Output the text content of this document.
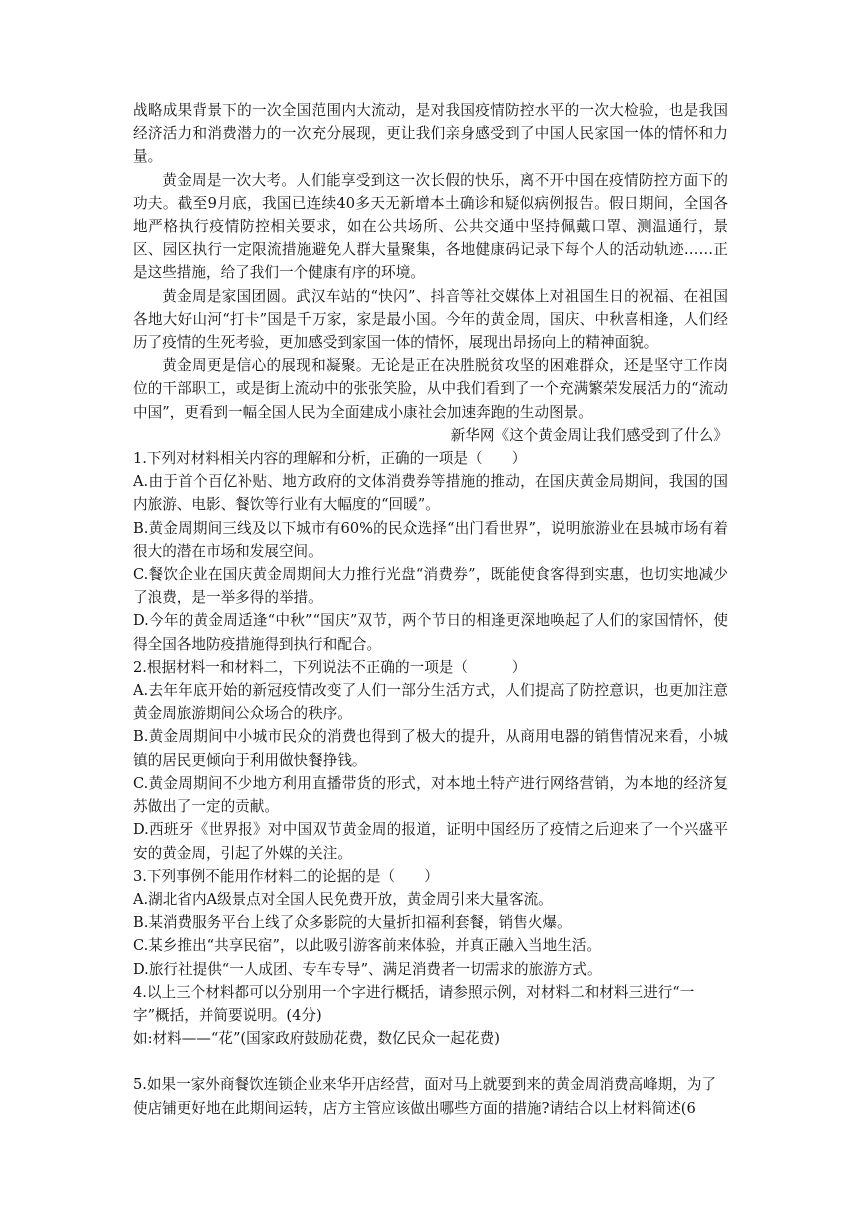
战略成果背景下的一次全国范围内大流动，是对我国疫情防控水平的一次大检验，也是我国经济活力和消费潜力的一次充分展现，更让我们亲身感受到了中国人民家国一体的情怀和力量。

黄金周是一次大考。人们能享受到这一次长假的快乐，离不开中国在疫情防控方面下的功夫。截至9月底，我国已连续40多天无新增本土确诊和疑似病例报告。假日期间，全国各地严格执行疫情防控相关要求，如在公共场所、公共交通中坚持佩戴口罩、测温通行，景区、园区执行一定限流措施避免人群大量聚集，各地健康码记录下每个人的活动轨迹……正是这些措施，给了我们一个健康有序的环境。

黄金周是家国团圆。武汉车站的“快闪”、抖音等社交媒体上对祖国生日的祝福、在祖国各地大好山河“打卡”国是千万家，家是最小国。今年的黄金周，国庆、中秋喜相逢，人们经历了疫情的生死考验，更加感受到家国一体的情怀，展现出昂扬向上的精神面貌。

黄金周更是信心的展现和凝聚。无论是正在决胜脱贫攻坚的困难群众，还是坚守工作岗位的干部职工，或是街上流动中的张张笑脸，从中我们看到了一个充满繁荣发展活力的“流动中国”，更看到一幅全国人民为全面建成小康社会加速奔跑的生动图景。

新华网《这个黄金周让我们感受到了什么》

1.下列对材料相关内容的理解和分析，正确的一项是（　　）

A.由于首个百亿补贴、地方政府的文体消费券等措施的推动，在国庆黄金局期间，我国的国内旅游、电影、餐饮等行业有大幅度的“回暖”。

B.黄金周期间三线及以下城市有60%的民众选择“出门看世界”，说明旅游业在县城市场有着很大的潜在市场和发展空间。

C.餐饮企业在国庆黄金周期间大力推行光盘“消费券”，既能使食客得到实惠，也切实地减少了浪费，是一举多得的举措。

D.今年的黄金周适逢“中秋”“国庆”双节，两个节日的相逢更深地唤起了人们的家国情怀，使得全国各地防疫措施得到执行和配合。

2.根据材料一和材料二，下列说法不正确的一项是（　　　）

A.去年年底开始的新冠疫情改变了人们一部分生活方式，人们提高了防控意识，也更加注意黄金周旅游期间公众场合的秩序。

B.黄金周期间中小城市民众的消费也得到了极大的提升，从商用电器的销售情况来看，小城镇的居民更倾向于利用做快餐挣钱。

C.黄金周期间不少地方利用直播带货的形式，对本地土特产进行网络营销，为本地的经济复苏做出了一定的贡献。

D.西班牙《世界报》对中国双节黄金周的报道，证明中国经历了疫情之后迎来了一个兴盛平安的黄金周，引起了外媒的关注。

3.下列事例不能用作材料二的论据的是（　　）

A.湖北省内A级景点对全国人民免费开放，黄金周引来大量客流。

B.某消费服务平台上线了众多影院的大量折扣福利套餐，销售火爆。

C.某乡推出“共享民宿”，以此吸引游客前来体验，并真正融入当地生活。

D.旅行社提供“一人成团、专车专导”、满足消费者一切需求的旅游方式。

4.以上三个材料都可以分别用一个字进行概括，请参照示例，对材料二和材料三进行“一字”概括，并简要说明。(4分)

如:材料——“花”(国家政府鼓励花费，数亿民众一起花费)

5.如果一家外商餐饮连锁企业来华开店经营，面对马上就要到来的黄金周消费高峰期，为了使店铺更好地在此期间运转，店方主管应该做出哪些方面的措施?请结合以上材料简述(6
